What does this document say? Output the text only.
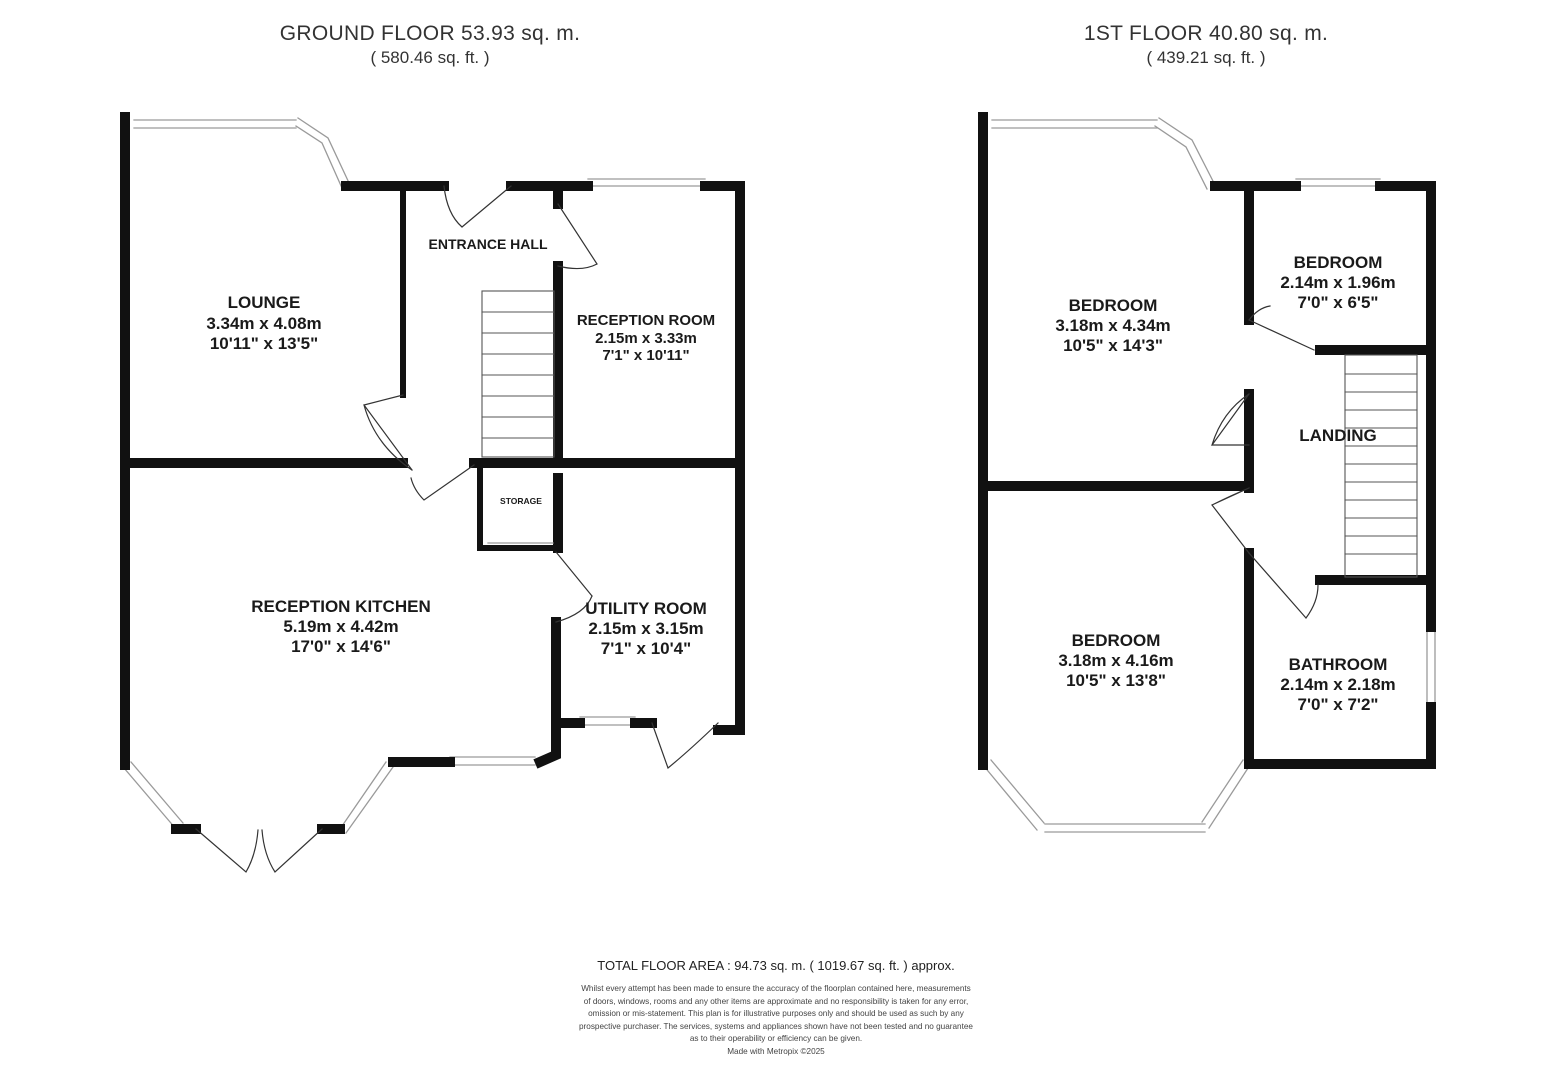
GROUND FLOOR 53.93 sq. m.
( 580.46 sq. ft. )
1ST FLOOR 40.80 sq. m.
( 439.21 sq. ft. )
LOUNGE
3.34m x 4.08m
10'11" x 13'5"
ENTRANCE HALL
RECEPTION ROOM
2.15m x 3.33m
7'1" x 10'11"
STORAGE
RECEPTION KITCHEN
5.19m x 4.42m
17'0" x 14'6"
UTILITY ROOM
2.15m x 3.15m
7'1" x 10'4"
BEDROOM
3.18m x 4.34m
10'5" x 14'3"
BEDROOM
2.14m x 1.96m
7'0" x 6'5"
LANDING
BEDROOM
3.18m x 4.16m
10'5" x 13'8"
BATHROOM
2.14m x 2.18m
7'0" x 7'2"
TOTAL FLOOR AREA : 94.73 sq. m. ( 1019.67 sq. ft. ) approx.
Whilst every attempt has been made to ensure the accuracy of the floorplan contained here, measurements
of doors, windows, rooms and any other items are approximate and no responsibility is taken for any error,
omission or mis-statement. This plan is for illustrative purposes only and should be used as such by any
prospective purchaser. The services, systems and appliances shown have not been tested and no guarantee
as to their operability or efficiency can be given.
Made with Metropix ©2025
